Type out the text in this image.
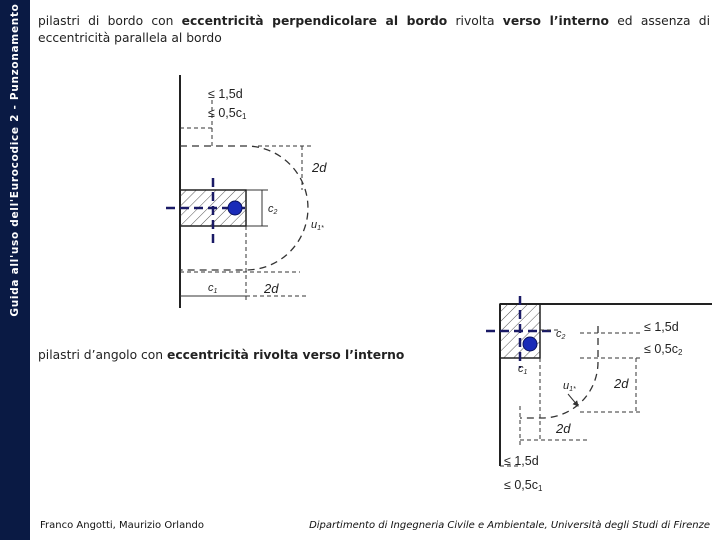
Guida all'uso dell'Eurocodice 2 - Punzonamento pilastri di bordo con eccentricità perpendicolare al bordo rivolta verso l’interno ed assenza di eccentricità parallela al bordo
pilastri d’angolo con eccentricità rivolta verso l’interno
≤ 1,5d
≤ 0,5c1
2d
c2
u1*
c1	2d
c2
≤ 1,5d
≤ 0,5c2
c1
u1*	2d
2d
≤ 1,5d
≤ 0,5c1
Franco Angotti, Maurizio Orlando	Dipartimento di Ingegneria Civile e Ambientale, Università degli Studi di Firenze
